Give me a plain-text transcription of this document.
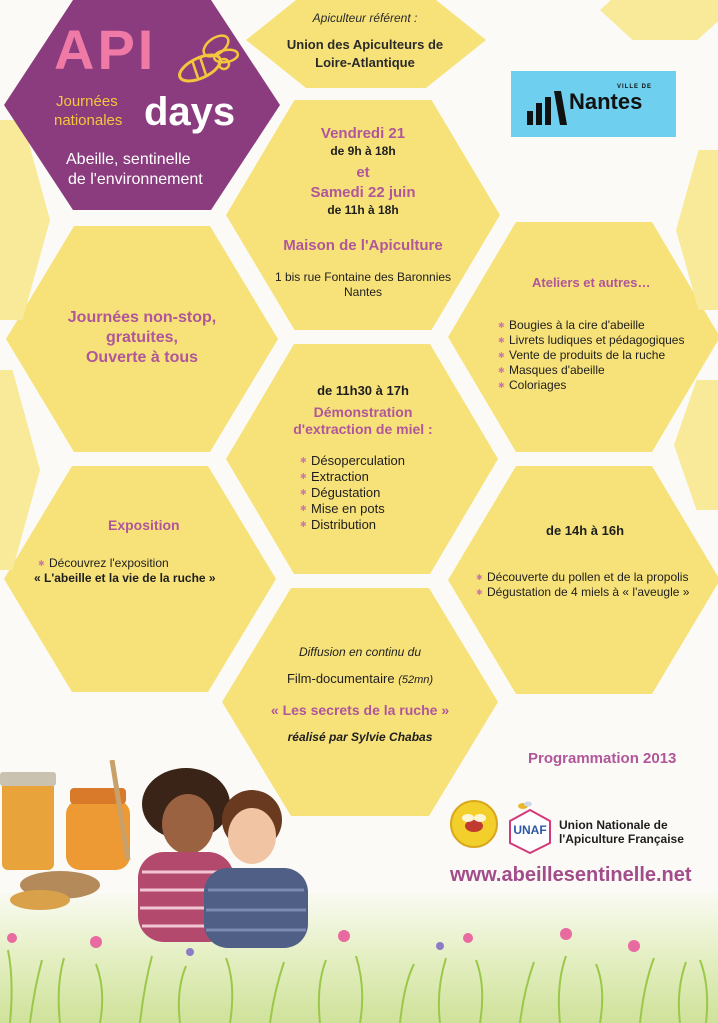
API
Journées
nationales days
Abeille, sentinelle
de l'environnement
Apiculteur référent :
Union des Apiculteurs de
Loire-Atlantique
VILLE DE
Nantes
Vendredi 21
de 9h à 18h
et
Samedi 22 juin
de 11h à 18h
Maison de l'Apiculture
1 bis rue Fontaine des Baronnies
Nantes
Journées non-stop,
gratuites,
Ouverte à tous
Ateliers et autres…
✱ Bougies à la cire d'abeille
✱ Livrets ludiques et pédagogiques
✱ Vente de produits de la ruche
✱ Masques d'abeille
✱ Coloriages
de 11h30 à 17h
Démonstration
d'extraction de miel :
✱ Désoperculation
✱ Extraction
✱ Dégustation
✱ Mise en pots
✱ Distribution
Exposition
✱ Découvrez l'exposition
« L'abeille et la vie de la ruche »
de 14h à 16h
✱ Découverte du pollen et de la propolis
✱ Dégustation de 4 miels à « l'aveugle »
Diffusion en continu du
Film-documentaire (52mn)
« Les secrets de la ruche »
réalisé par Sylvie Chabas
Programmation 2013
UNAF	Union Nationale de
l'Apiculture Française
www.abeillesentinelle.net
